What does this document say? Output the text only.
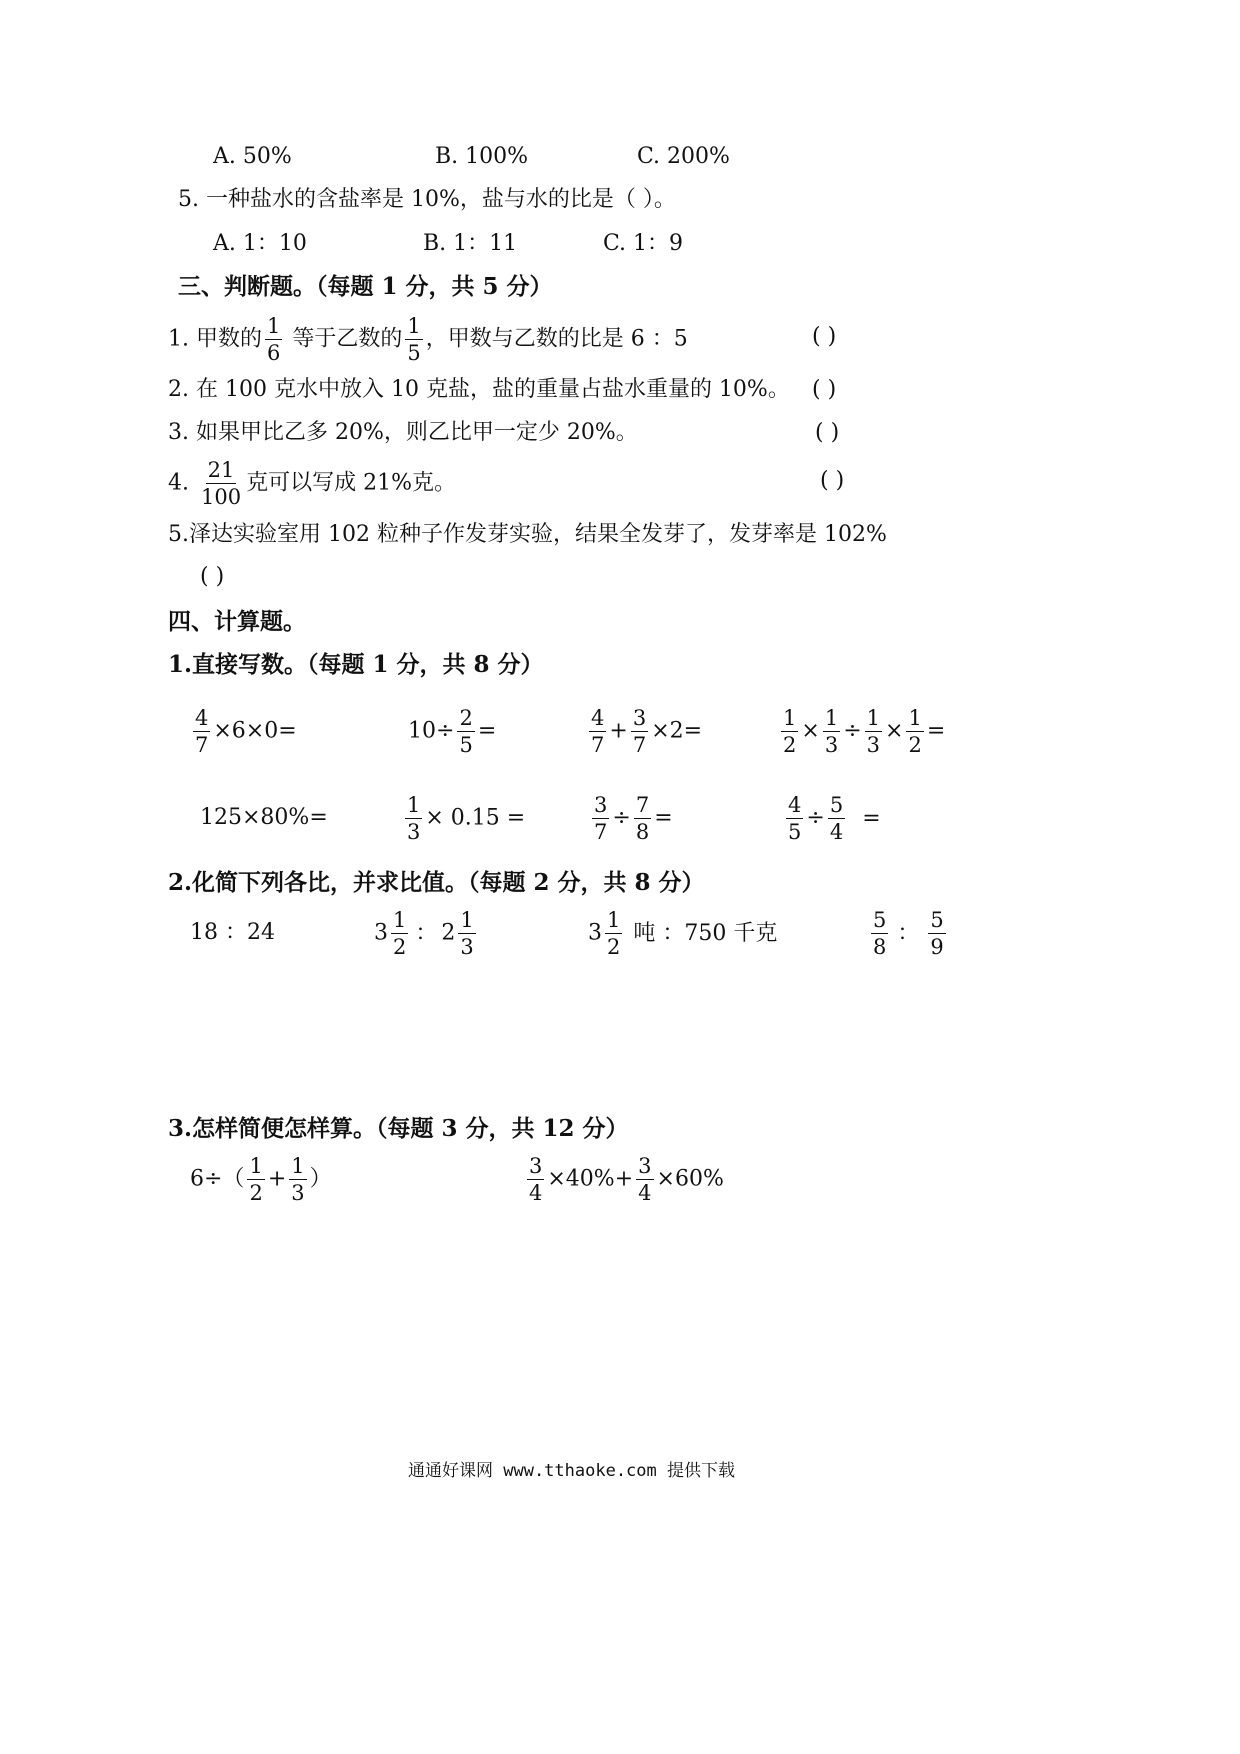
A. 50%	B. 100%	C. 200%
5. 一种盐水的含盐率是 10%，盐与水的比是（ ）。
A. 1：10	B. 1：11	C. 1：9
三、判断题。（每题 1 分，共 5 分）
1. 甲数的 $\frac{1}{6}$ 等于乙数的 $\frac{1}{5}$ ，甲数与乙数的比是 6 ：5	( )
2. 在 100 克水中放入 10 克盐，盐的重量占盐水重量的 10%。 ( )
3. 如果甲比乙多 20%，则乙比甲一定少 20%。	( )
4. $\frac{21}{100}$ 克可以写成 21%克。	( )
5.泽达实验室用 102 粒种子作发芽实验，结果全发芽了，发芽率是 102%
( )
四、计算题。
1.直接写数。（每题 1 分，共 8 分）
$\frac{4}{7} \times 6\times 0=$	$10\div \frac{2}{5}$ =	$\frac{4}{7} + \frac{3}{7} \times 2=$	$\frac{1}{2} \times \frac{1}{3} \div \frac{1}{3} \times \frac{1}{2}$ =
125×80%=	$\frac{1}{3} \times 0.15$ =	$\frac{3}{7} \div \frac{7}{8}$ =	$\frac{4}{5} \div \frac{5}{4}$ =
2.化简下列各比，并求比值。（每题 2 分，共 8 分）
18 ：24	$3 \frac{1}{2}$ ： $2 \frac{1}{3}$	$3 \frac{1}{2}$ 吨 ：750 千克	$\frac{5}{8}$ ： $\frac{5}{9}$
3.怎样简便怎样算。（每题 3 分，共 12 分）
$6\div( \frac{1}{2} + \frac{1}{3}$ ）	$\frac{3}{4} \times 40\%+ \frac{3}{4} \times 60\%$
通通好课网 www.tthaoke.com 提供下载
